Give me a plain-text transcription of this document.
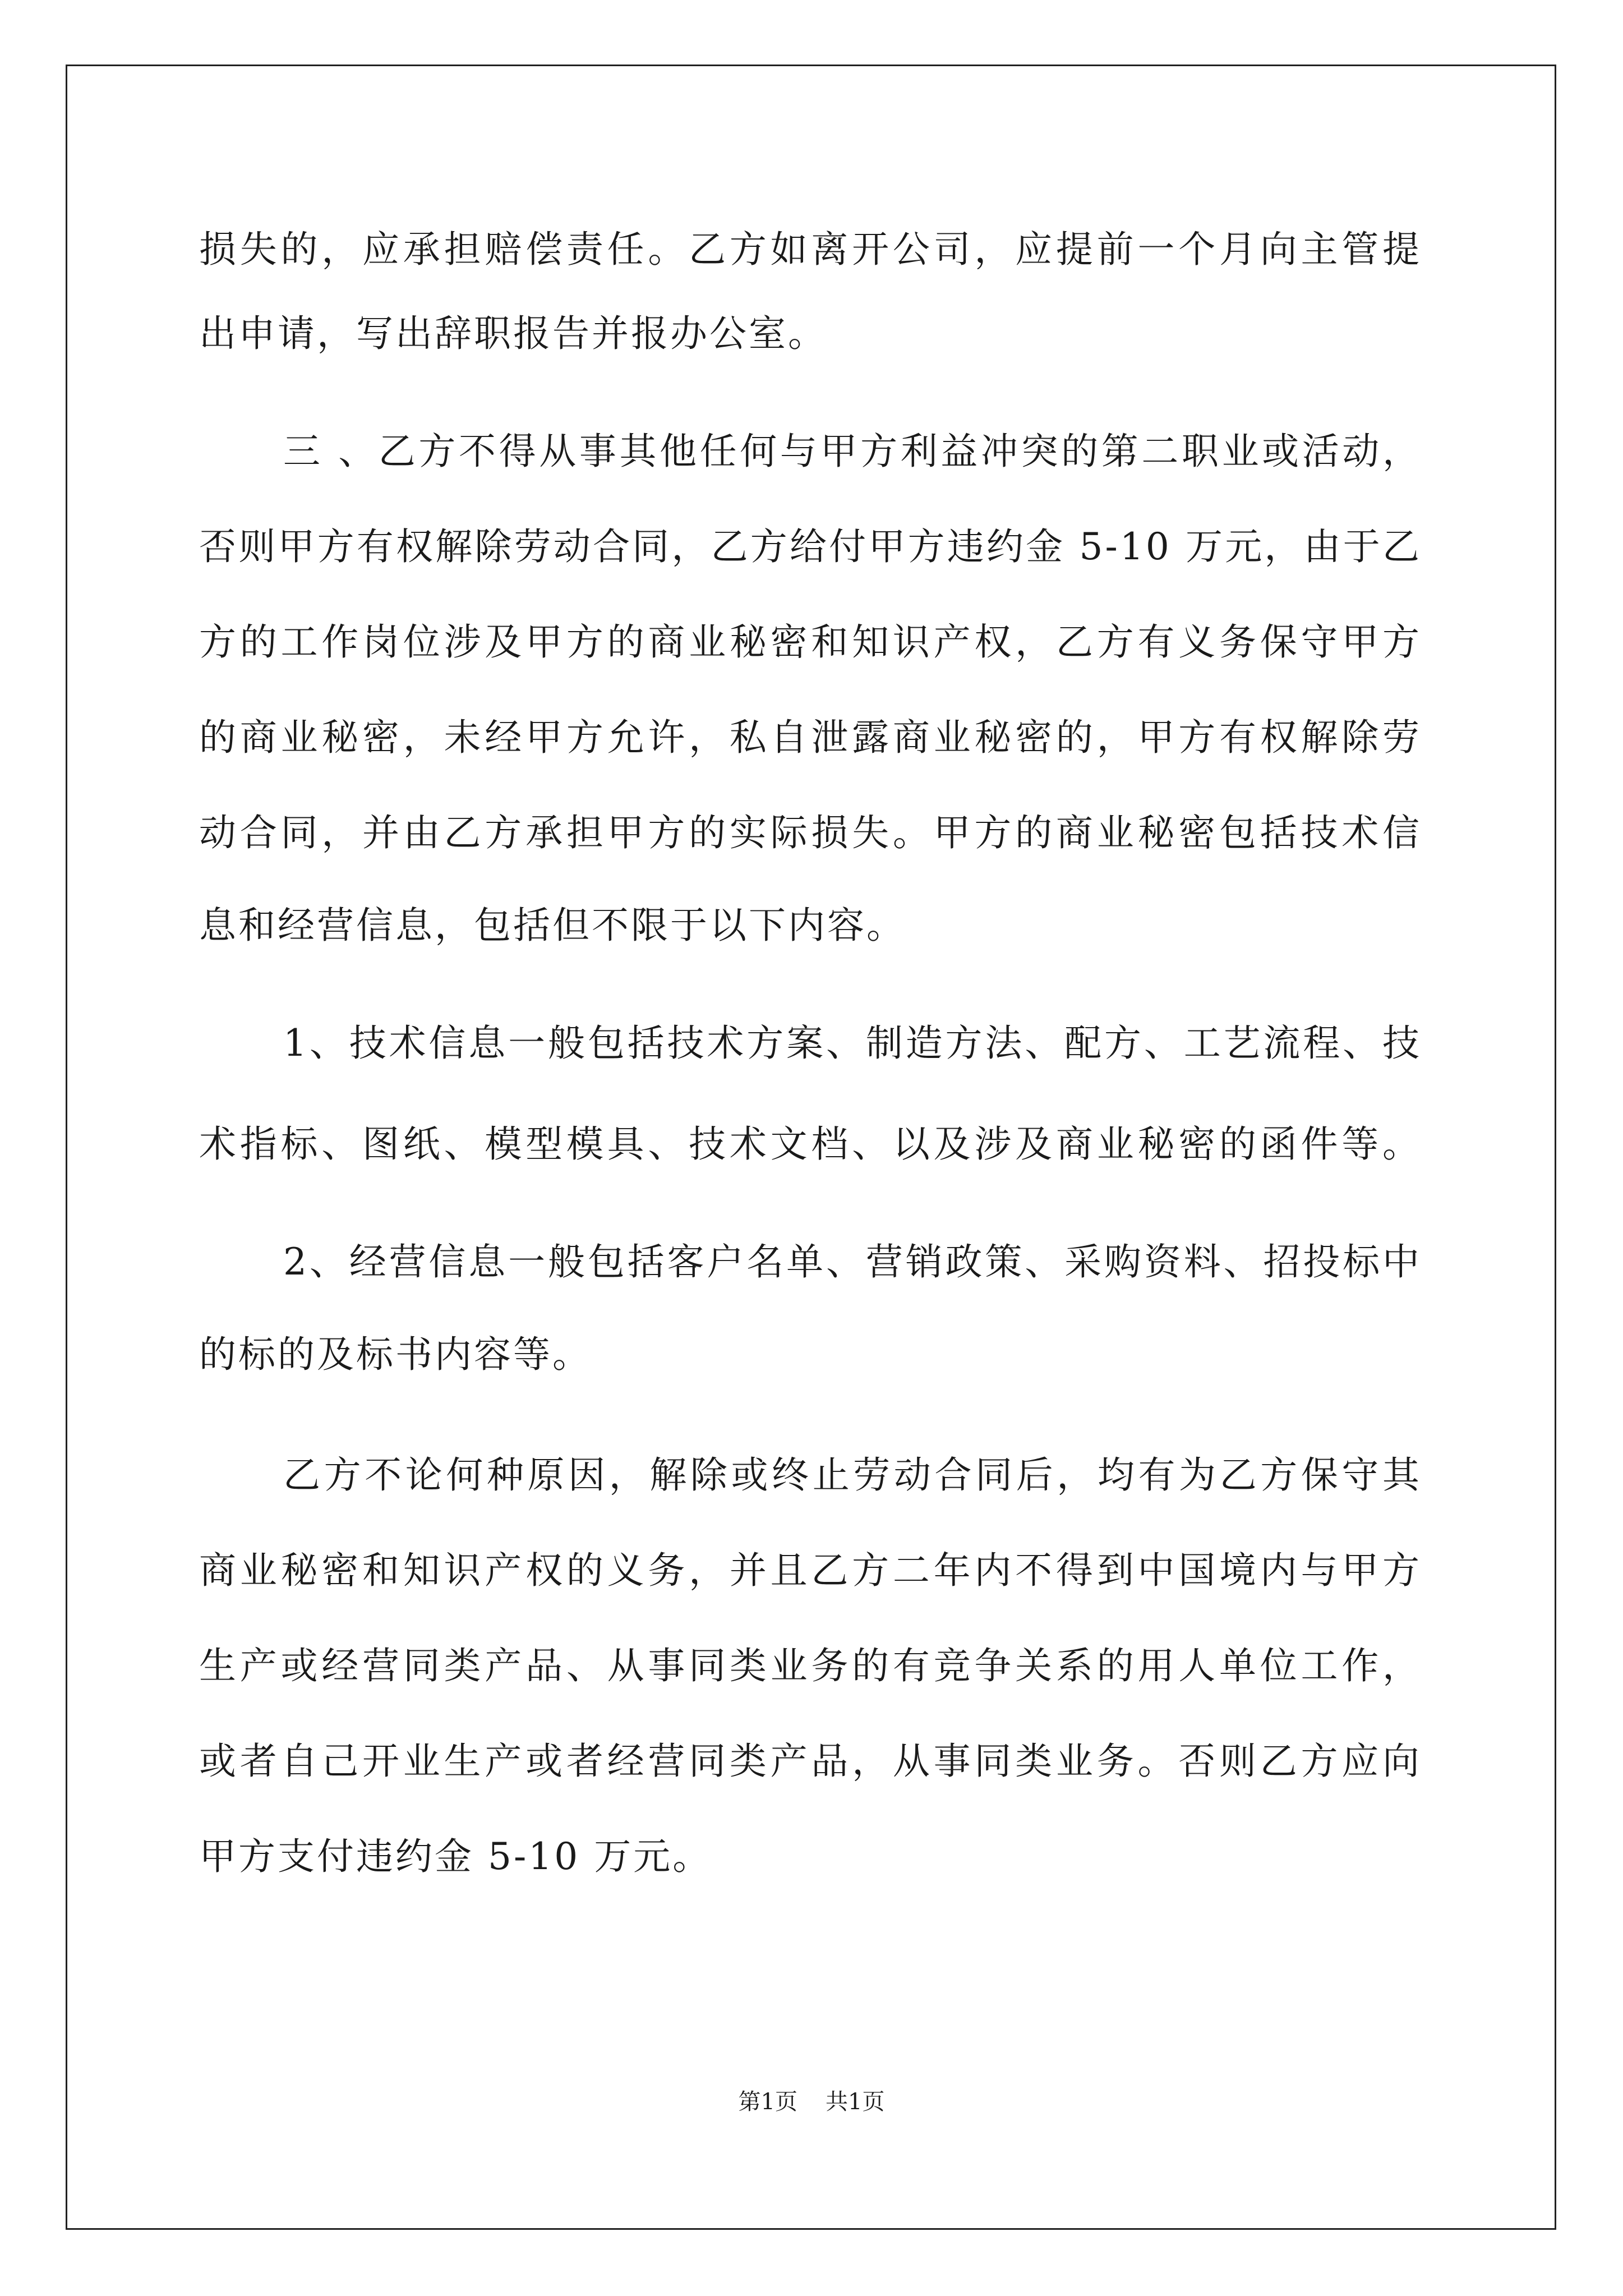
损失的，应承担赔偿责任。乙方如离开公司，应提前一个月向主管提
出申请，写出辞职报告并报办公室。
三 、乙方不得从事其他任何与甲方利益冲突的第二职业或活动，
否则甲方有权解除劳动合同，乙方给付甲方违约金 5-10 万元，由于乙
方的工作岗位涉及甲方的商业秘密和知识产权，乙方有义务保守甲方
的商业秘密，未经甲方允许，私自泄露商业秘密的，甲方有权解除劳
动合同，并由乙方承担甲方的实际损失。甲方的商业秘密包括技术信
息和经营信息，包括但不限于以下内容。
1、技术信息一般包括技术方案、制造方法、配方、工艺流程、技
术指标、图纸、模型模具、技术文档、以及涉及商业秘密的函件等。
2、经营信息一般包括客户名单、营销政策、采购资料、招投标中
的标的及标书内容等。
乙方不论何种原因，解除或终止劳动合同后，均有为乙方保守其
商业秘密和知识产权的义务，并且乙方二年内不得到中国境内与甲方
生产或经营同类产品、从事同类业务的有竞争关系的用人单位工作，
或者自己开业生产或者经营同类产品，从事同类业务。否则乙方应向
甲方支付违约金 5-10 万元。
第1页 共1页
